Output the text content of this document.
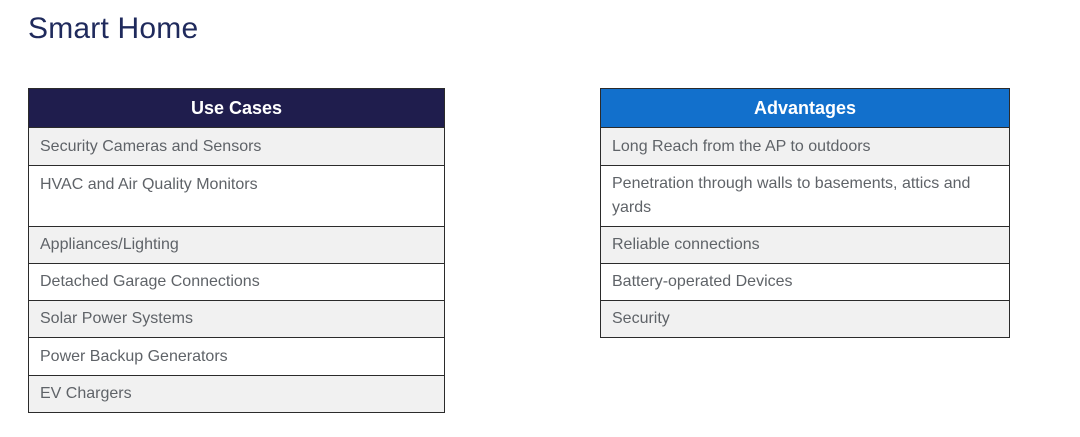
Smart Home
Use Cases
Security Cameras and Sensors
HVAC and Air Quality Monitors
Appliances/Lighting
Detached Garage Connections
Solar Power Systems
Power Backup Generators
EV Chargers
Advantages
Long Reach from the AP to outdoors
Penetration through walls to basements, attics and yards
Reliable connections
Battery-operated Devices
Security
